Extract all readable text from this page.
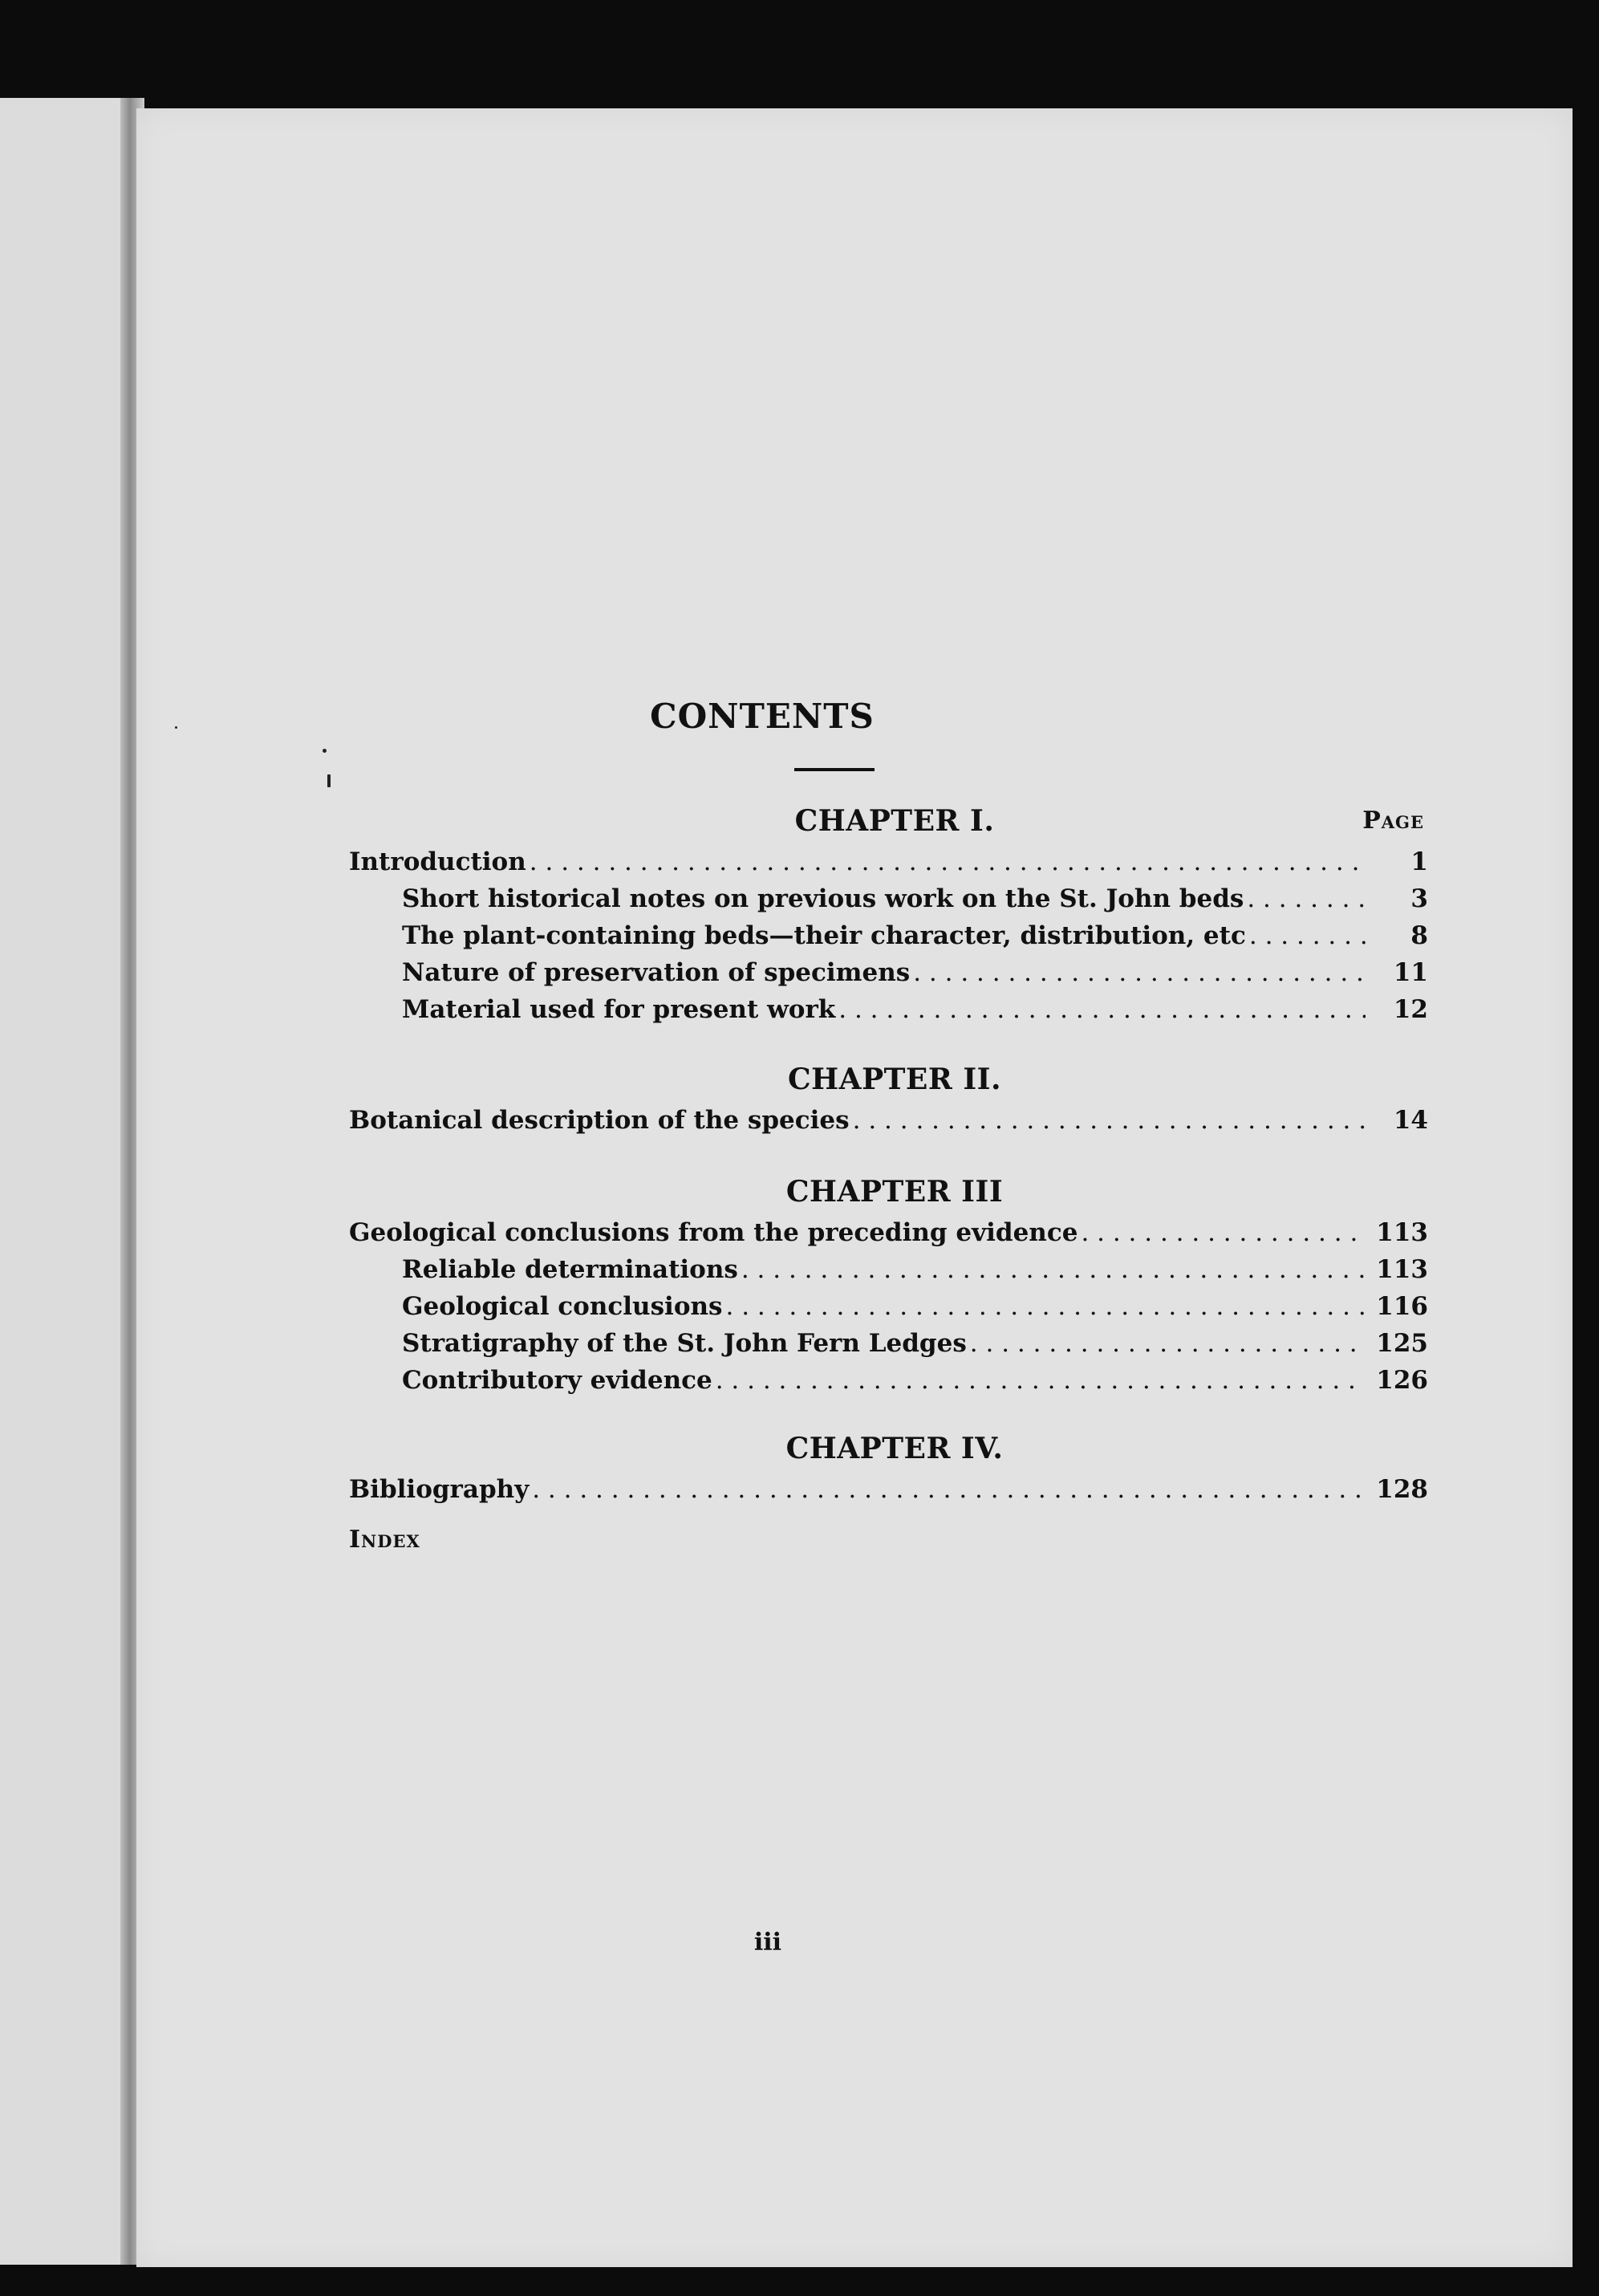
CONTENTS
CHAPTER I.	Page
Introduction . . .	1
Short historical notes on previous work on the St. John beds . . .	3
The plant-containing beds—their character, distribution, etc . . .	8
Nature of preservation of specimens . . .	11
Material used for present work . . .	12
CHAPTER II.
Botanical description of the species . . .	14
CHAPTER III
Geological conclusions from the preceding evidence . . .	113
Reliable determinations . . .	113
Geological conclusions . . .	116
Stratigraphy of the St. John Fern Ledges . . .	125
Contributory evidence . . .	126
CHAPTER IV.
Bibliography . . .	128
Index
iii
